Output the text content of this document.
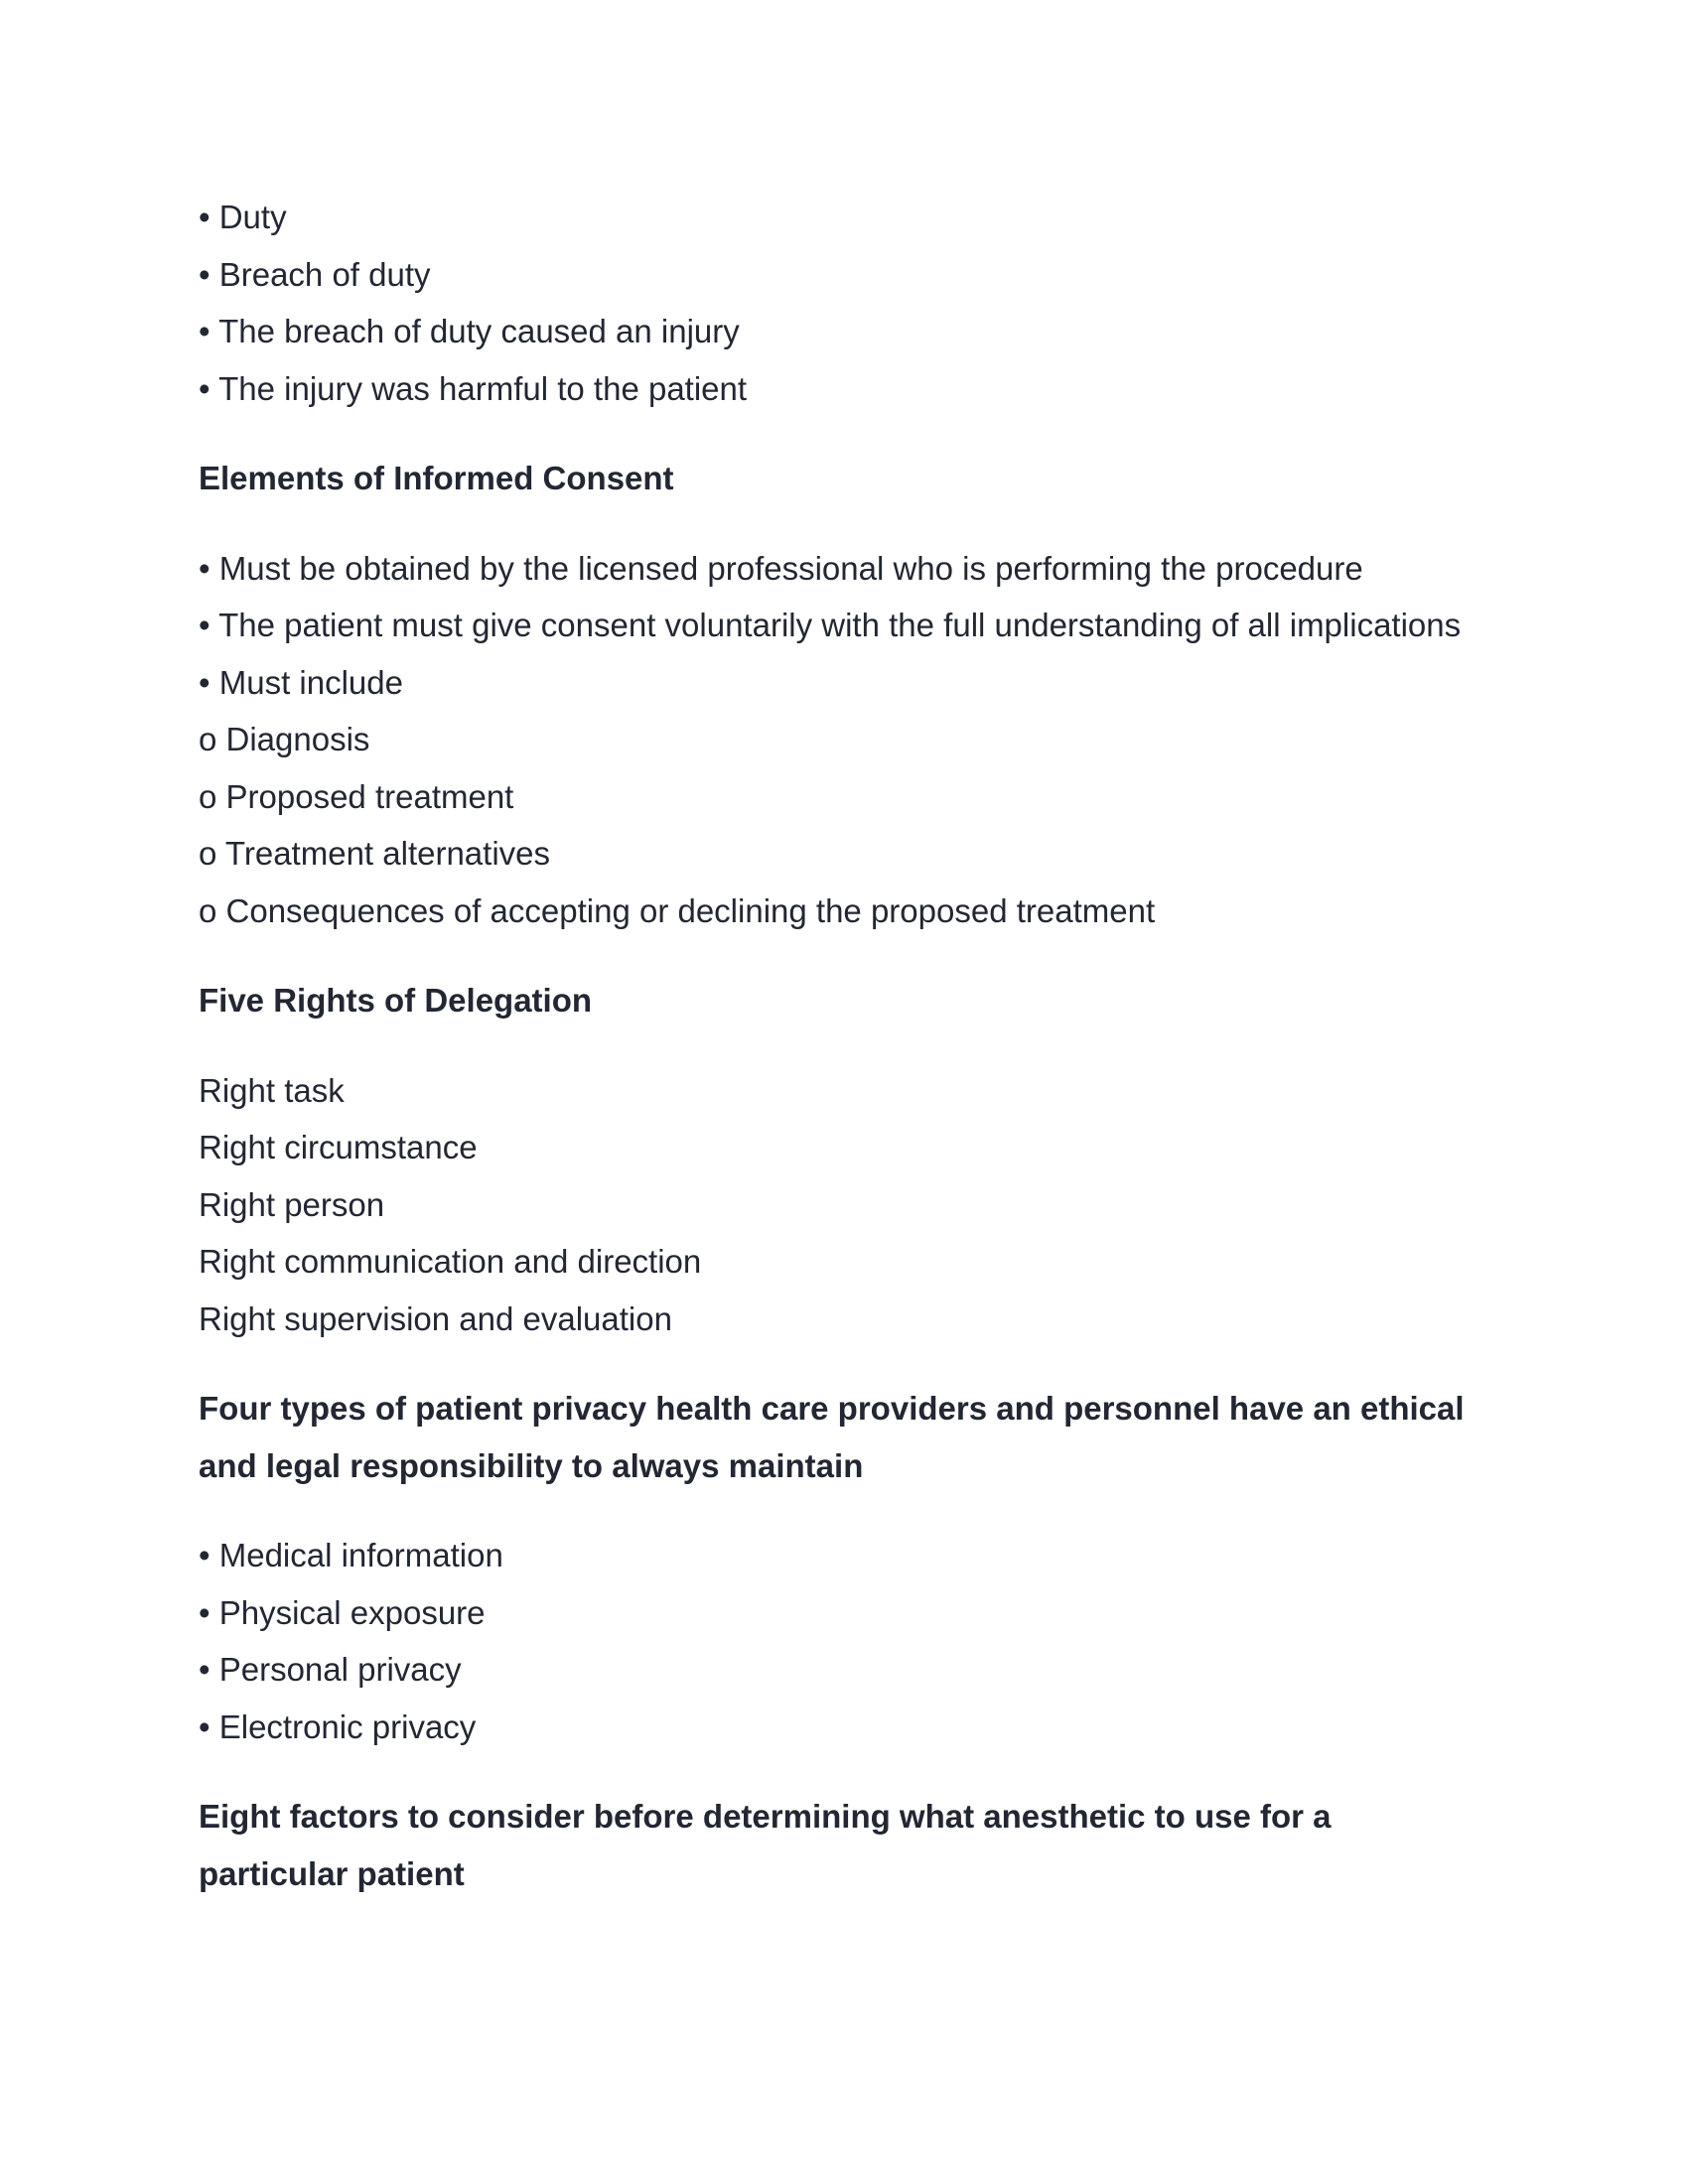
• Duty

• Breach of duty

• The breach of duty caused an injury

• The injury was harmful to the patient

Elements of Informed Consent

• Must be obtained by the licensed professional who is performing the procedure

• The patient must give consent voluntarily with the full understanding of all implications

• Must include

o Diagnosis

o Proposed treatment

o Treatment alternatives

o Consequences of accepting or declining the proposed treatment

Five Rights of Delegation

Right task

Right circumstance

Right person

Right communication and direction

Right supervision and evaluation

Four types of patient privacy health care providers and personnel have an ethical
and legal responsibility to always maintain

• Medical information

• Physical exposure

• Personal privacy

• Electronic privacy

Eight factors to consider before determining what anesthetic to use for a
particular patient
